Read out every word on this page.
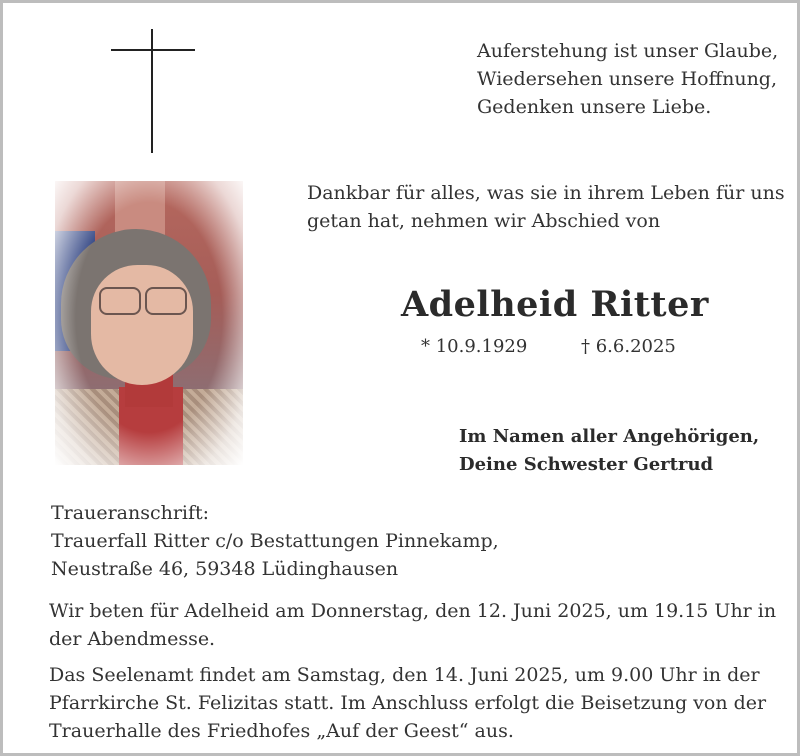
Auferstehung ist unser Glaube,
Wiedersehen unsere Hoffnung,
Gedenken unsere Liebe.
Dankbar für alles, was sie in ihrem Leben für uns
getan hat, nehmen wir Abschied von
Adelheid Ritter
* 10.9.1929	† 6.6.2025
Im Namen aller Angehörigen,
Deine Schwester Gertrud
Traueranschrift:
Trauerfall Ritter c/o Bestattungen Pinnekamp,
Neustraße 46, 59348 Lüdinghausen
Wir beten für Adelheid am Donnerstag, den 12. Juni 2025, um 19.15 Uhr in
der Abendmesse.
Das Seelenamt findet am Samstag, den 14. Juni 2025, um 9.00 Uhr in der
Pfarrkirche St. Felizitas statt. Im Anschluss erfolgt die Beisetzung von der
Trauerhalle des Friedhofes „Auf der Geest“ aus.
